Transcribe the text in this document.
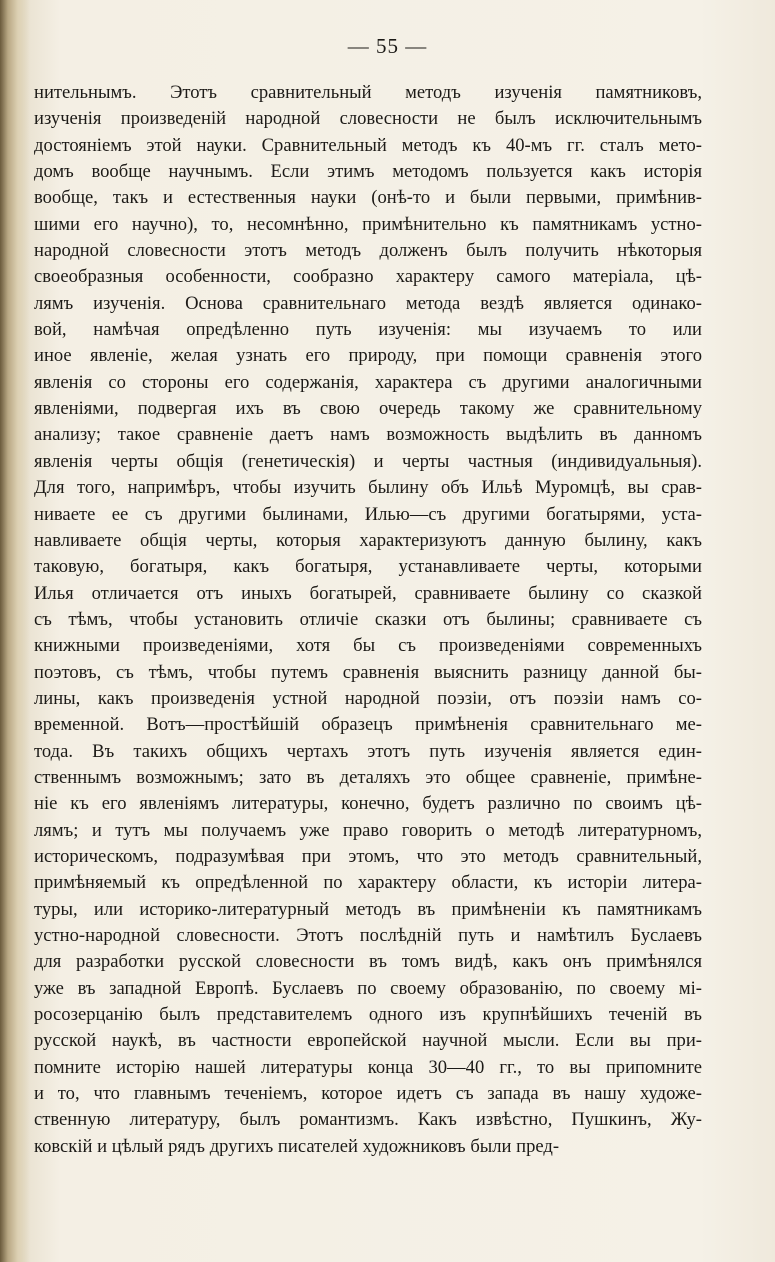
— 55 —
нительнымъ. Этотъ сравнительный методъ изученія памятниковъ,
изученія произведеній народной словесности не былъ исключительнымъ
достояніемъ этой науки. Сравнительный методъ къ 40-мъ гг. сталъ мето-
домъ вообще научнымъ. Если этимъ методомъ пользуется какъ исторія
вообще, такъ и естественныя науки (онѣ-то и были первыми, примѣнив-
шими его научно), то, несомнѣнно, примѣнительно къ памятникамъ устно-
народной словесности этотъ методъ долженъ былъ получить нѣкоторыя
своеобразныя особенности, сообразно характеру самого матеріала, цѣ-
лямъ изученія. Основа сравнительнаго метода вездѣ является одинако-
вой, намѣчая опредѣленно путь изученія: мы изучаемъ то или
иное явленіе, желая узнать его природу, при помощи сравненія этого
явленія со стороны его содержанія, характера съ другими аналогичными
явленіями, подвергая ихъ въ свою очередь такому же сравнительному
анализу; такое сравненіе даетъ намъ возможность выдѣлить въ данномъ
явленія черты общія (генетическія) и черты частныя (индивидуальныя).
Для того, напримѣръ, чтобы изучить былину объ Ильѣ Муромцѣ, вы срав-
ниваете ее съ другими былинами, Илью—съ другими богатырями, уста-
навливаете общія черты, которыя характеризуютъ данную былину, какъ
таковую, богатыря, какъ богатыря, устанавливаете черты, которыми
Илья отличается отъ иныхъ богатырей, сравниваете былину со сказкой
съ тѣмъ, чтобы установить отличіе сказки отъ былины; сравниваете съ
книжными произведеніями, хотя бы съ произведеніями современныхъ
поэтовъ, съ тѣмъ, чтобы путемъ сравненія выяснить разницу данной бы-
лины, какъ произведенія устной народной поэзіи, отъ поэзіи намъ со-
временной. Вотъ—простѣйшій образецъ примѣненія сравнительнаго ме-
тода. Въ такихъ общихъ чертахъ этотъ путь изученія является един-
ственнымъ возможнымъ; зато въ деталяхъ это общее сравненіе, примѣне-
ніе къ его явленіямъ литературы, конечно, будетъ различно по своимъ цѣ-
лямъ; и тутъ мы получаемъ уже право говорить о методѣ литературномъ,
историческомъ, подразумѣвая при этомъ, что это методъ сравнительный,
примѣняемый къ опредѣленной по характеру области, къ исторіи литера-
туры, или историко-литературный методъ въ примѣненіи къ памятникамъ
устно-народной словесности. Этотъ послѣдній путь и намѣтилъ Буслаевъ
для разработки русской словесности въ томъ видѣ, какъ онъ примѣнялся
уже въ западной Европѣ. Буслаевъ по своему образованію, по своему мі-
росозерцанію былъ представителемъ одного изъ крупнѣйшихъ теченій въ
русской наукѣ, въ частности европейской научной мысли. Если вы при-
помните исторію нашей литературы конца 30—40 гг., то вы припомните
и то, что главнымъ теченіемъ, которое идетъ съ запада въ нашу художе-
ственную литературу, былъ романтизмъ. Какъ извѣстно, Пушкинъ, Жу-
ковскій и цѣлый рядъ другихъ писателей художниковъ были пред-
